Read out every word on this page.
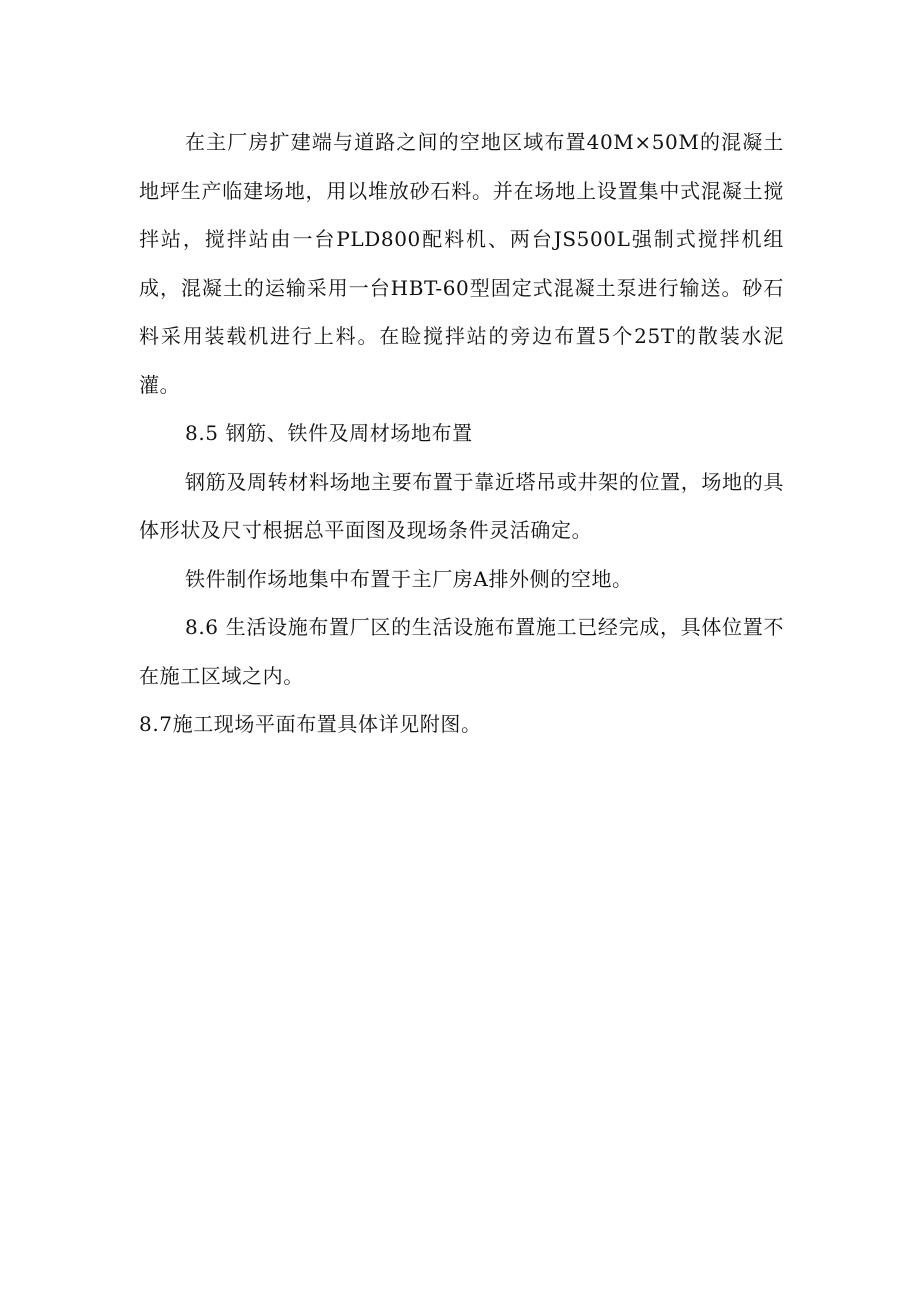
在主厂房扩建端与道路之间的空地区域布置40M×50M的混凝土地坪生产临建场地，用以堆放砂石料。并在场地上设置集中式混凝土搅拌站，搅拌站由一台PLD800配料机、两台JS500L强制式搅拌机组成，混凝土的运输采用一台HBT-60型固定式混凝土泵进行输送。砂石料采用装载机进行上料。在睑搅拌站的旁边布置5个25T的散装水泥灌。

8.5 钢筋、铁件及周材场地布置

钢筋及周转材料场地主要布置于靠近塔吊或井架的位置，场地的具体形状及尺寸根据总平面图及现场条件灵活确定。

铁件制作场地集中布置于主厂房A排外侧的空地。

8.6 生活设施布置厂区的生活设施布置施工已经完成，具体位置不在施工区域之内。

8.7施工现场平面布置具体详见附图。
